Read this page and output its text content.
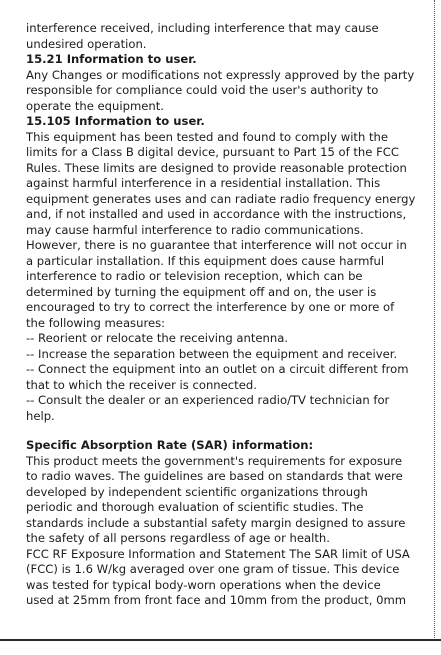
interference received, including interference that may cause

undesired operation.

15.21 Information to user.

Any Changes or modifications not expressly approved by the party

responsible for compliance could void the user's authority to

operate the equipment.

15.105 Information to user.

This equipment has been tested and found to comply with the

limits for a Class B digital device, pursuant to Part 15 of the FCC

Rules. These limits are designed to provide reasonable protection

against harmful interference in a residential installation. This

equipment generates uses and can radiate radio frequency energy

and, if not installed and used in accordance with the instructions,

may cause harmful interference to radio communications.

However, there is no guarantee that interference will not occur in

a particular installation. If this equipment does cause harmful

interference to radio or television reception, which can be

determined by turning the equipment off and on, the user is

encouraged to try to correct the interference by one or more of

the following measures:

-- Reorient or relocate the receiving antenna.

-- Increase the separation between the equipment and receiver.

-- Connect the equipment into an outlet on a circuit different from

that to which the receiver is connected.

-- Consult the dealer or an experienced radio/TV technician for

help.

Specific Absorption Rate (SAR) information:

This product meets the government's requirements for exposure

to radio waves. The guidelines are based on standards that were

developed by independent scientific organizations through

periodic and thorough evaluation of scientific studies. The

standards include a substantial safety margin designed to assure

the safety of all persons regardless of age or health.

FCC RF Exposure Information and Statement The SAR limit of USA

(FCC) is 1.6 W/kg averaged over one gram of tissue. This device

was tested for typical body-worn operations when the device

used at 25mm from front face and 10mm from the product, 0mm
